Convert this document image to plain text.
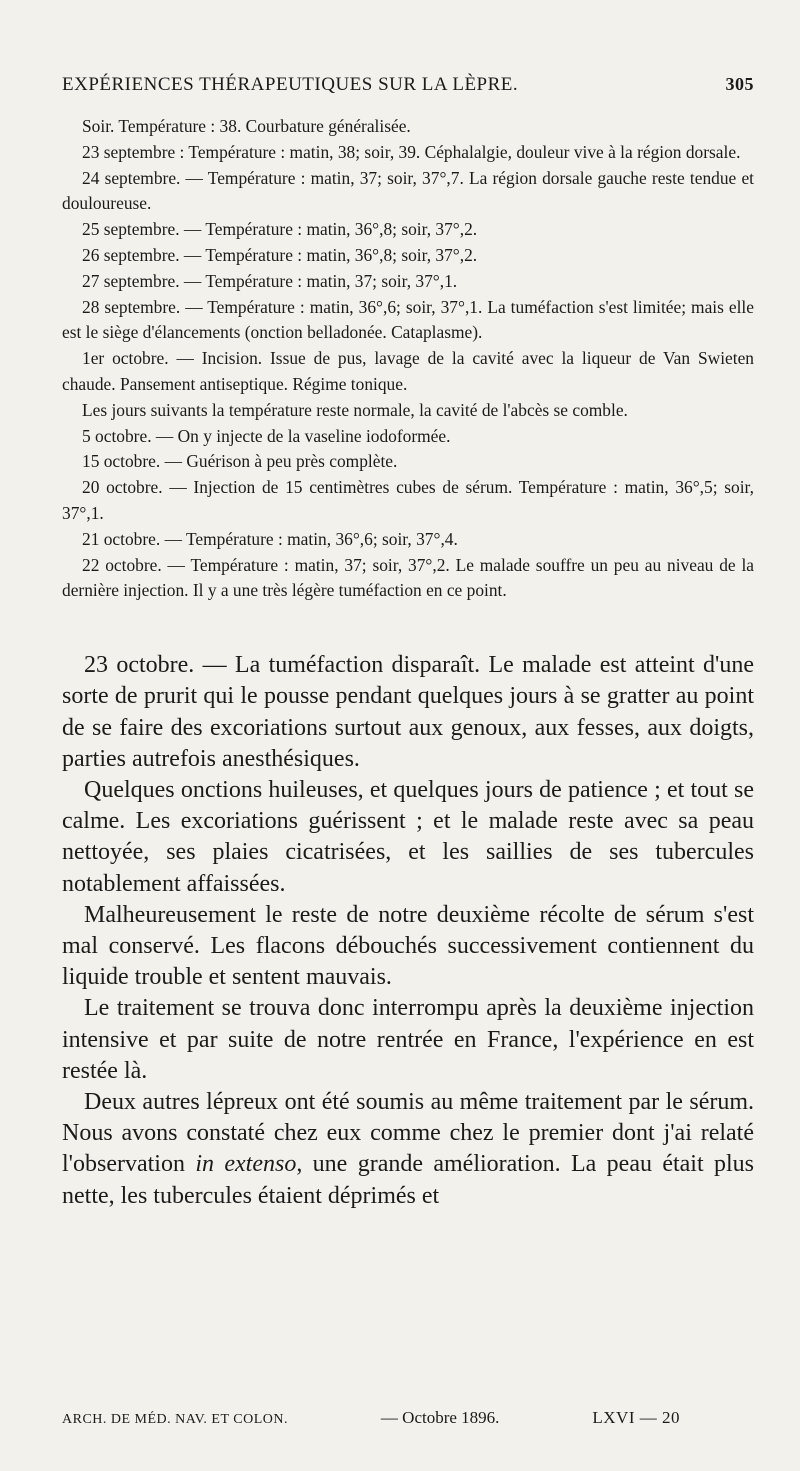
EXPÉRIENCES THÉRAPEUTIQUES SUR LA LÈPRE.	305

Soir. Température : 38. Courbature généralisée.

23 septembre : Température : matin, 38; soir, 39. Céphalalgie, douleur vive à la région dorsale.

24 septembre. — Température : matin, 37; soir, 37°,7. La région dorsale gauche reste tendue et douloureuse.

25 septembre. — Température : matin, 36°,8; soir, 37°,2.

26 septembre. — Température : matin, 36°,8; soir, 37°,2.

27 septembre. — Température : matin, 37; soir, 37°,1.

28 septembre. — Température : matin, 36°,6; soir, 37°,1. La tuméfaction s'est limitée; mais elle est le siège d'élancements (onction belladonée. Cataplasme).

1er octobre. — Incision. Issue de pus, lavage de la cavité avec la liqueur de Van Swieten chaude. Pansement antiseptique. Régime tonique.

Les jours suivants la température reste normale, la cavité de l'abcès se comble.

5 octobre. — On y injecte de la vaseline iodoformée.

15 octobre. — Guérison à peu près complète.

20 octobre. — Injection de 15 centimètres cubes de sérum. Température : matin, 36°,5; soir, 37°,1.

21 octobre. — Température : matin, 36°,6; soir, 37°,4.

22 octobre. — Température : matin, 37; soir, 37°,2. Le malade souffre un peu au niveau de la dernière injection. Il y a une très légère tuméfaction en ce point.

23 octobre. — La tuméfaction disparaît. Le malade est atteint d'une sorte de prurit qui le pousse pendant quelques jours à se gratter au point de se faire des excoriations surtout aux genoux, aux fesses, aux doigts, parties autrefois anesthésiques.

Quelques onctions huileuses, et quelques jours de patience ; et tout se calme. Les excoriations guérissent ; et le malade reste avec sa peau nettoyée, ses plaies cicatrisées, et les saillies de ses tubercules notablement affaissées.

Malheureusement le reste de notre deuxième récolte de sérum s'est mal conservé. Les flacons débouchés successivement contiennent du liquide trouble et sentent mauvais.

Le traitement se trouva donc interrompu après la deuxième injection intensive et par suite de notre rentrée en France, l'expérience en est restée là.

Deux autres lépreux ont été soumis au même traitement par le sérum. Nous avons constaté chez eux comme chez le premier dont j'ai relaté l'observation in extenso, une grande amélioration. La peau était plus nette, les tubercules étaient déprimés et

ARCH. DE MÉD. NAV. ET COLON.	— Octobre 1896.	LXVI — 20
